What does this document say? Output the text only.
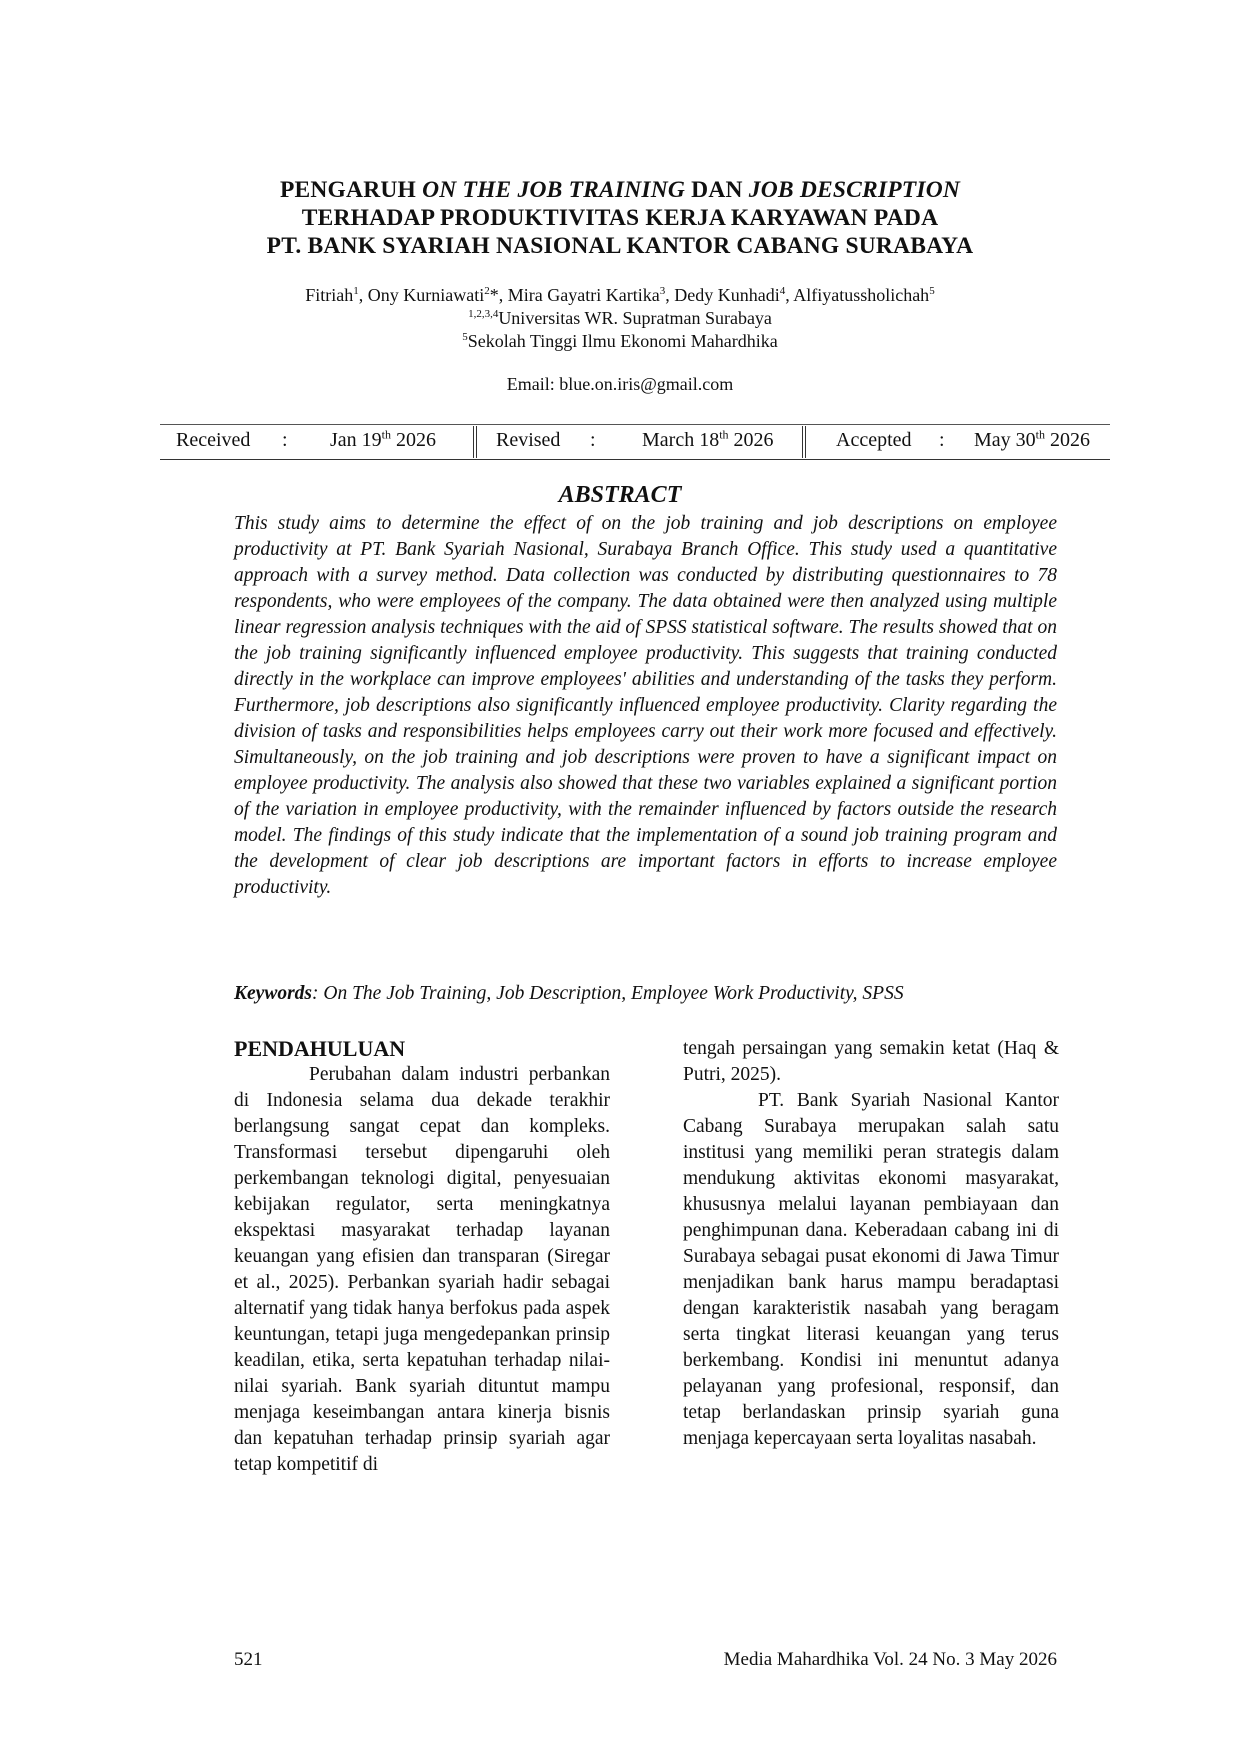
PENGARUH ON THE JOB TRAINING DAN JOB DESCRIPTION
TERHADAP PRODUKTIVITAS KERJA KARYAWAN PADA
PT. BANK SYARIAH NASIONAL KANTOR CABANG SURABAYA
Fitriah$^1$, Ony Kurniawati$^2$*, Mira Gayatri Kartika$^3$, Dedy Kunhadi$^4$, Alfiyatussholichah$^5$
$^{1,2,3,4}$Universitas WR. Supratman Surabaya
$^5$Sekolah Tinggi Ilmu Ekonomi Mahardhika
Email: blue.on.iris@gmail.com
Received : Jan 19th 2026	Revised : March 18th 2026	Accepted : May 30th 2026
ABSTRACT
This study aims to determine the effect of on the job training and job descriptions on employee productivity at PT. Bank Syariah Nasional, Surabaya Branch Office. This study used a quantitative approach with a survey method. Data collection was conducted by distributing questionnaires to 78 respondents, who were employees of the company. The data obtained were then analyzed using multiple linear regression analysis techniques with the aid of SPSS statistical software. The results showed that on the job training significantly influenced employee productivity. This suggests that training conducted directly in the workplace can improve employees' abilities and understanding of the tasks they perform. Furthermore, job descriptions also significantly influenced employee productivity. Clarity regarding the division of tasks and responsibilities helps employees carry out their work more focused and effectively. Simultaneously, on the job training and job descriptions were proven to have a significant impact on employee productivity. The analysis also showed that these two variables explained a significant portion of the variation in employee productivity, with the remainder influenced by factors outside the research model. The findings of this study indicate that the implementation of a sound job training program and the development of clear job descriptions are important factors in efforts to increase employee productivity.
Keywords: On The Job Training, Job Description, Employee Work Productivity, SPSS
PENDAHULUAN

Perubahan dalam industri perbankan di Indonesia selama dua dekade terakhir berlangsung sangat cepat dan kompleks. Transformasi tersebut dipengaruhi oleh perkembangan teknologi digital, penyesuaian kebijakan regulator, serta meningkatnya ekspektasi masyarakat terhadap layanan keuangan yang efisien dan transparan (Siregar et al., 2025). Perbankan syariah hadir sebagai alternatif yang tidak hanya berfokus pada aspek keuntungan, tetapi juga mengedepankan prinsip keadilan, etika, serta kepatuhan terhadap nilai-nilai syariah. Bank syariah dituntut mampu menjaga keseimbangan antara kinerja bisnis dan kepatuhan terhadap prinsip syariah agar tetap kompetitif di

tengah persaingan yang semakin ketat (Haq & Putri, 2025).

PT. Bank Syariah Nasional Kantor Cabang Surabaya merupakan salah satu institusi yang memiliki peran strategis dalam mendukung aktivitas ekonomi masyarakat, khususnya melalui layanan pembiayaan dan penghimpunan dana. Keberadaan cabang ini di Surabaya sebagai pusat ekonomi di Jawa Timur menjadikan bank harus mampu beradaptasi dengan karakteristik nasabah yang beragam serta tingkat literasi keuangan yang terus berkembang. Kondisi ini menuntut adanya pelayanan yang profesional, responsif, dan tetap berlandaskan prinsip syariah guna menjaga kepercayaan serta loyalitas nasabah.

521	Media Mahardhika Vol. 24 No. 3 May 2026
